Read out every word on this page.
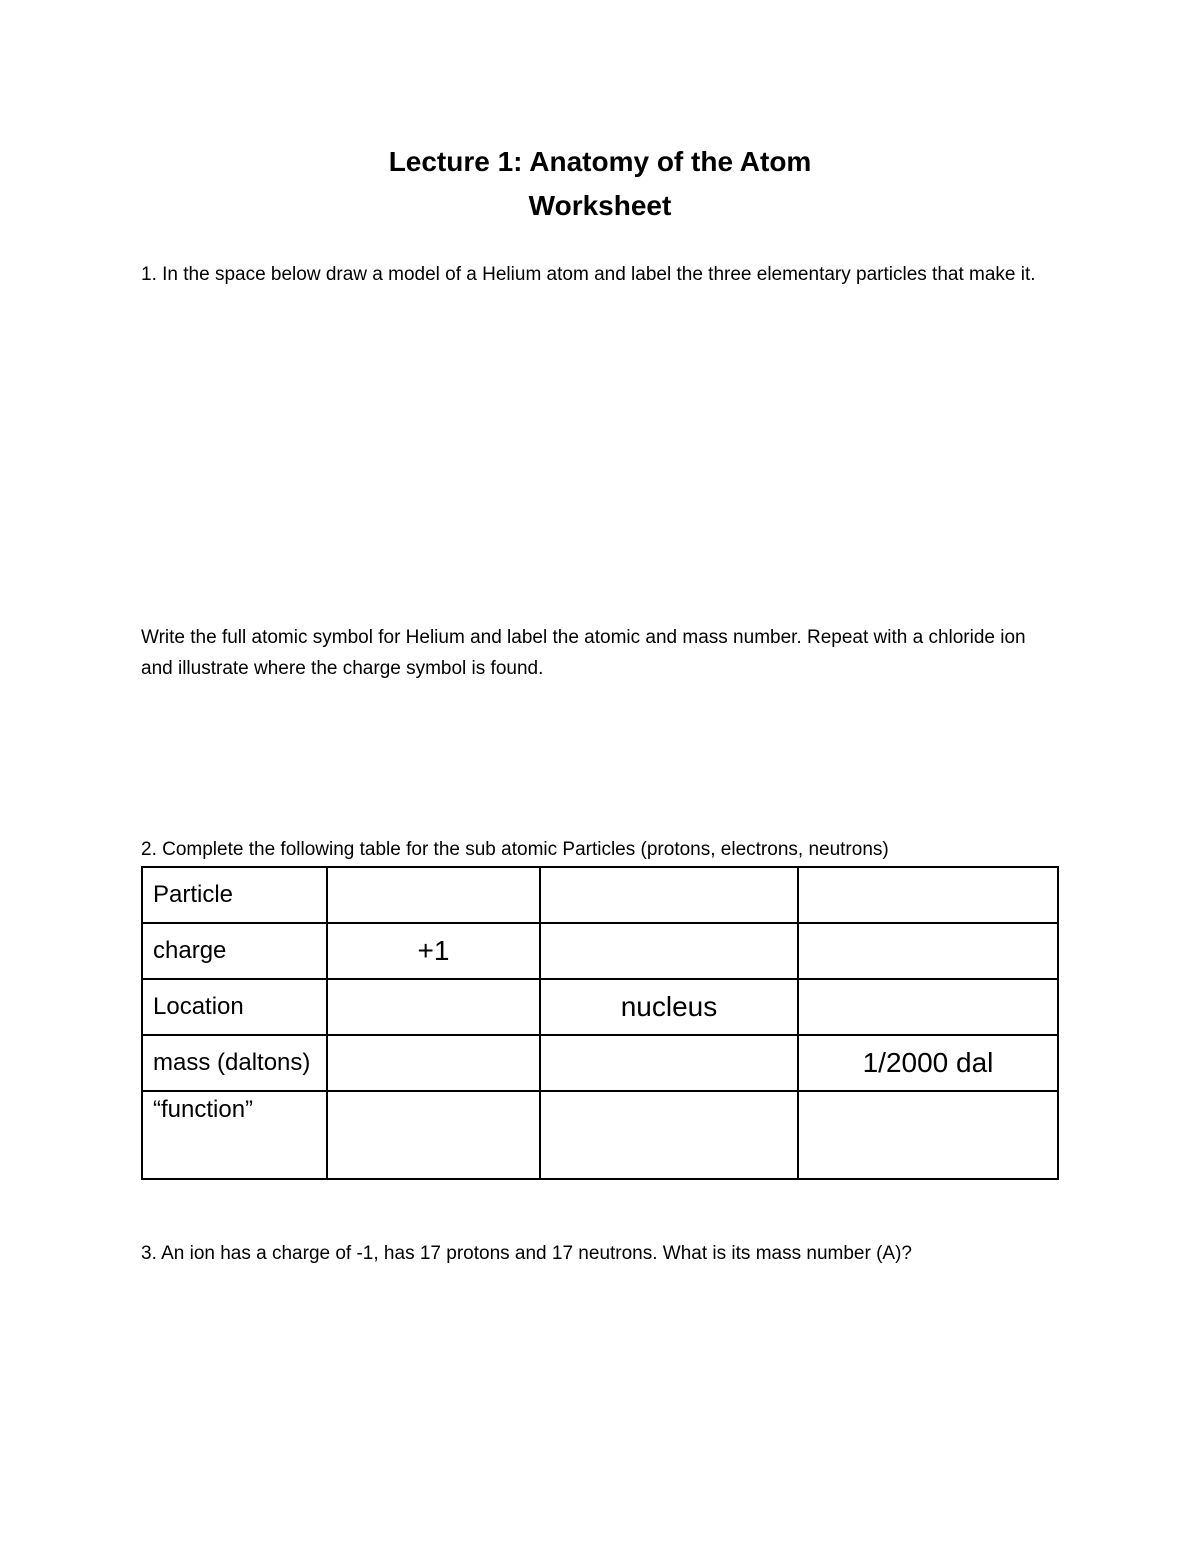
Lecture 1: Anatomy of the Atom
Worksheet
1. In the space below draw a model of a Helium atom and label the three elementary particles that make it.
Write the full atomic symbol for Helium and label the atomic and mass number. Repeat with a chloride ion and illustrate where the charge symbol is found.
2. Complete the following table for the sub atomic Particles (protons, electrons, neutrons)
Particle			
charge	+1		
Location		nucleus	
mass (daltons)			1/2000 dal
“function”			
3. An ion has a charge of -1, has 17 protons and 17 neutrons. What is its mass number (A)?
